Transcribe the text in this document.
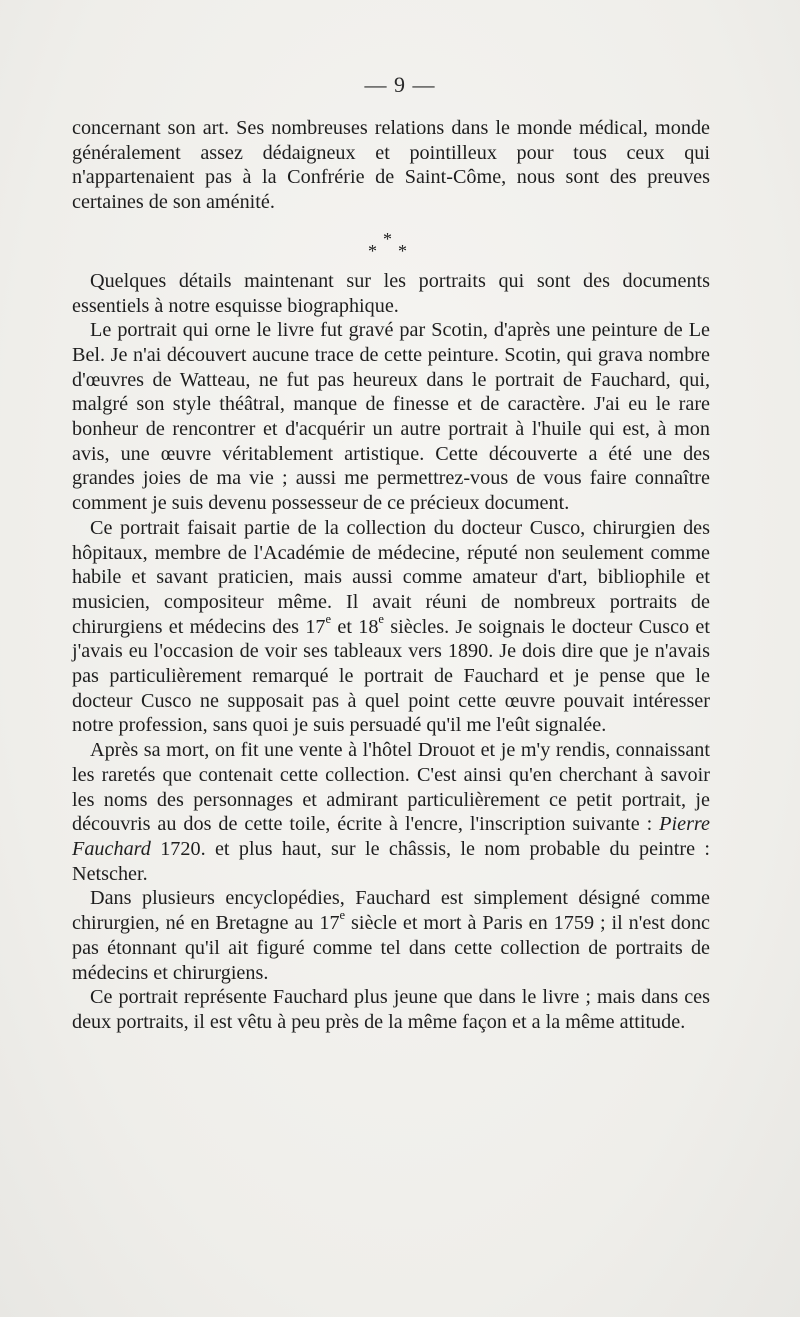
— 9 —

concernant son art. Ses nombreuses relations dans le monde médical, monde généralement assez dédaigneux et pointilleux pour tous ceux qui n'appartenaient pas à la Confrérie de Saint-Côme, nous sont des preuves certaines de son aménité.

*
* *

Quelques détails maintenant sur les portraits qui sont des documents essentiels à notre esquisse biographique.

Le portrait qui orne le livre fut gravé par Scotin, d'après une peinture de Le Bel. Je n'ai découvert aucune trace de cette peinture. Scotin, qui grava nombre d'œuvres de Watteau, ne fut pas heureux dans le portrait de Fauchard, qui, malgré son style théâtral, manque de finesse et de caractère. J'ai eu le rare bonheur de rencontrer et d'acquérir un autre portrait à l'huile qui est, à mon avis, une œuvre véritablement artistique. Cette découverte a été une des grandes joies de ma vie ; aussi me permettrez-vous de vous faire connaître comment je suis devenu possesseur de ce précieux document.

Ce portrait faisait partie de la collection du docteur Cusco, chirurgien des hôpitaux, membre de l'Académie de médecine, réputé non seulement comme habile et savant praticien, mais aussi comme amateur d'art, bibliophile et musicien, compositeur même. Il avait réuni de nombreux portraits de chirurgiens et médecins des 17e et 18e siècles. Je soignais le docteur Cusco et j'avais eu l'occasion de voir ses tableaux vers 1890. Je dois dire que je n'avais pas particulièrement remarqué le portrait de Fauchard et je pense que le docteur Cusco ne supposait pas à quel point cette œuvre pouvait intéresser notre profession, sans quoi je suis persuadé qu'il me l'eût signalée.

Après sa mort, on fit une vente à l'hôtel Drouot et je m'y rendis, connaissant les raretés que contenait cette collection. C'est ainsi qu'en cherchant à savoir les noms des personnages et admirant particulièrement ce petit portrait, je découvris au dos de cette toile, écrite à l'encre, l'inscription suivante : Pierre Fauchard 1720. et plus haut, sur le châssis, le nom probable du peintre : Netscher.

Dans plusieurs encyclopédies, Fauchard est simplement désigné comme chirurgien, né en Bretagne au 17e siècle et mort à Paris en 1759 ; il n'est donc pas étonnant qu'il ait figuré comme tel dans cette collection de portraits de médecins et chirurgiens.

Ce portrait représente Fauchard plus jeune que dans le livre ; mais dans ces deux portraits, il est vêtu à peu près de la même façon et a la même attitude.
